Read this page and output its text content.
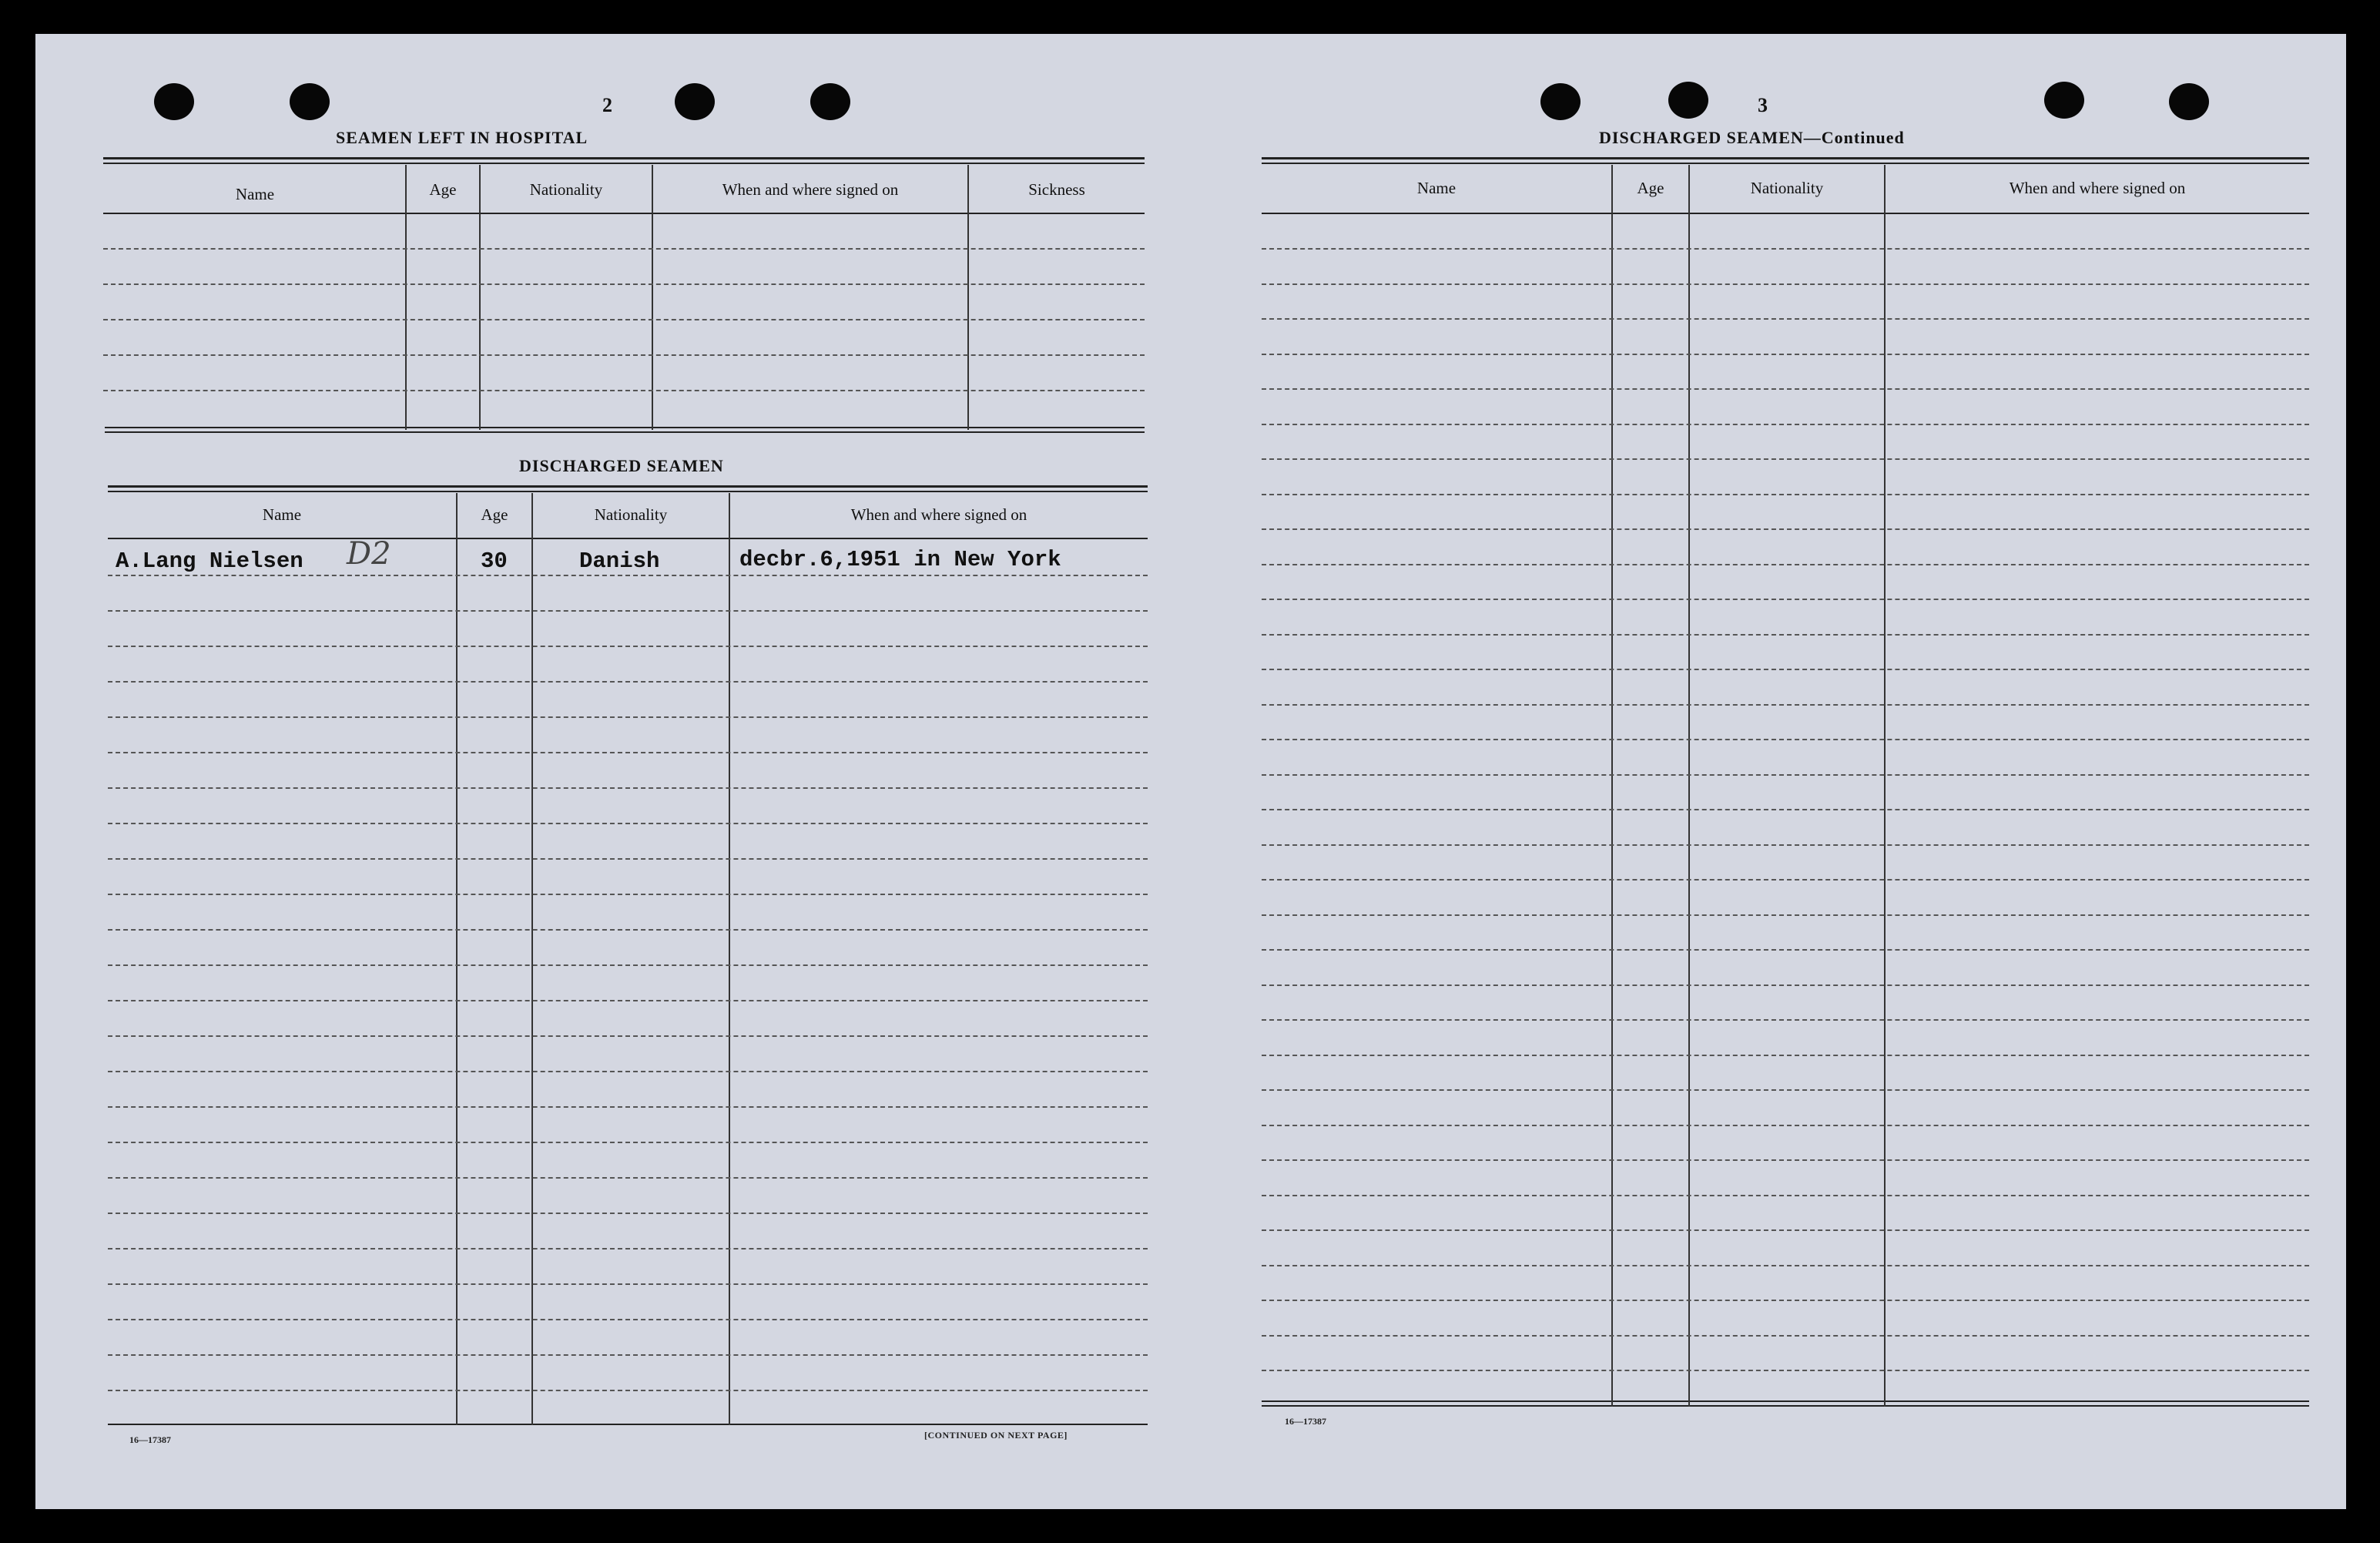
2
SEAMEN LEFT IN HOSPITAL
Name	Age	Nationality	When and where signed on	Sickness
DISCHARGED SEAMEN
Name	Age	Nationality	When and where signed on
A.Lang Nielsen D2	30	Danish	decbr.6,1951 in New York
16—17387	[CONTINUED ON NEXT PAGE]
3
DISCHARGED SEAMEN—Continued
Name	Age	Nationality	When and where signed on
16—17387
